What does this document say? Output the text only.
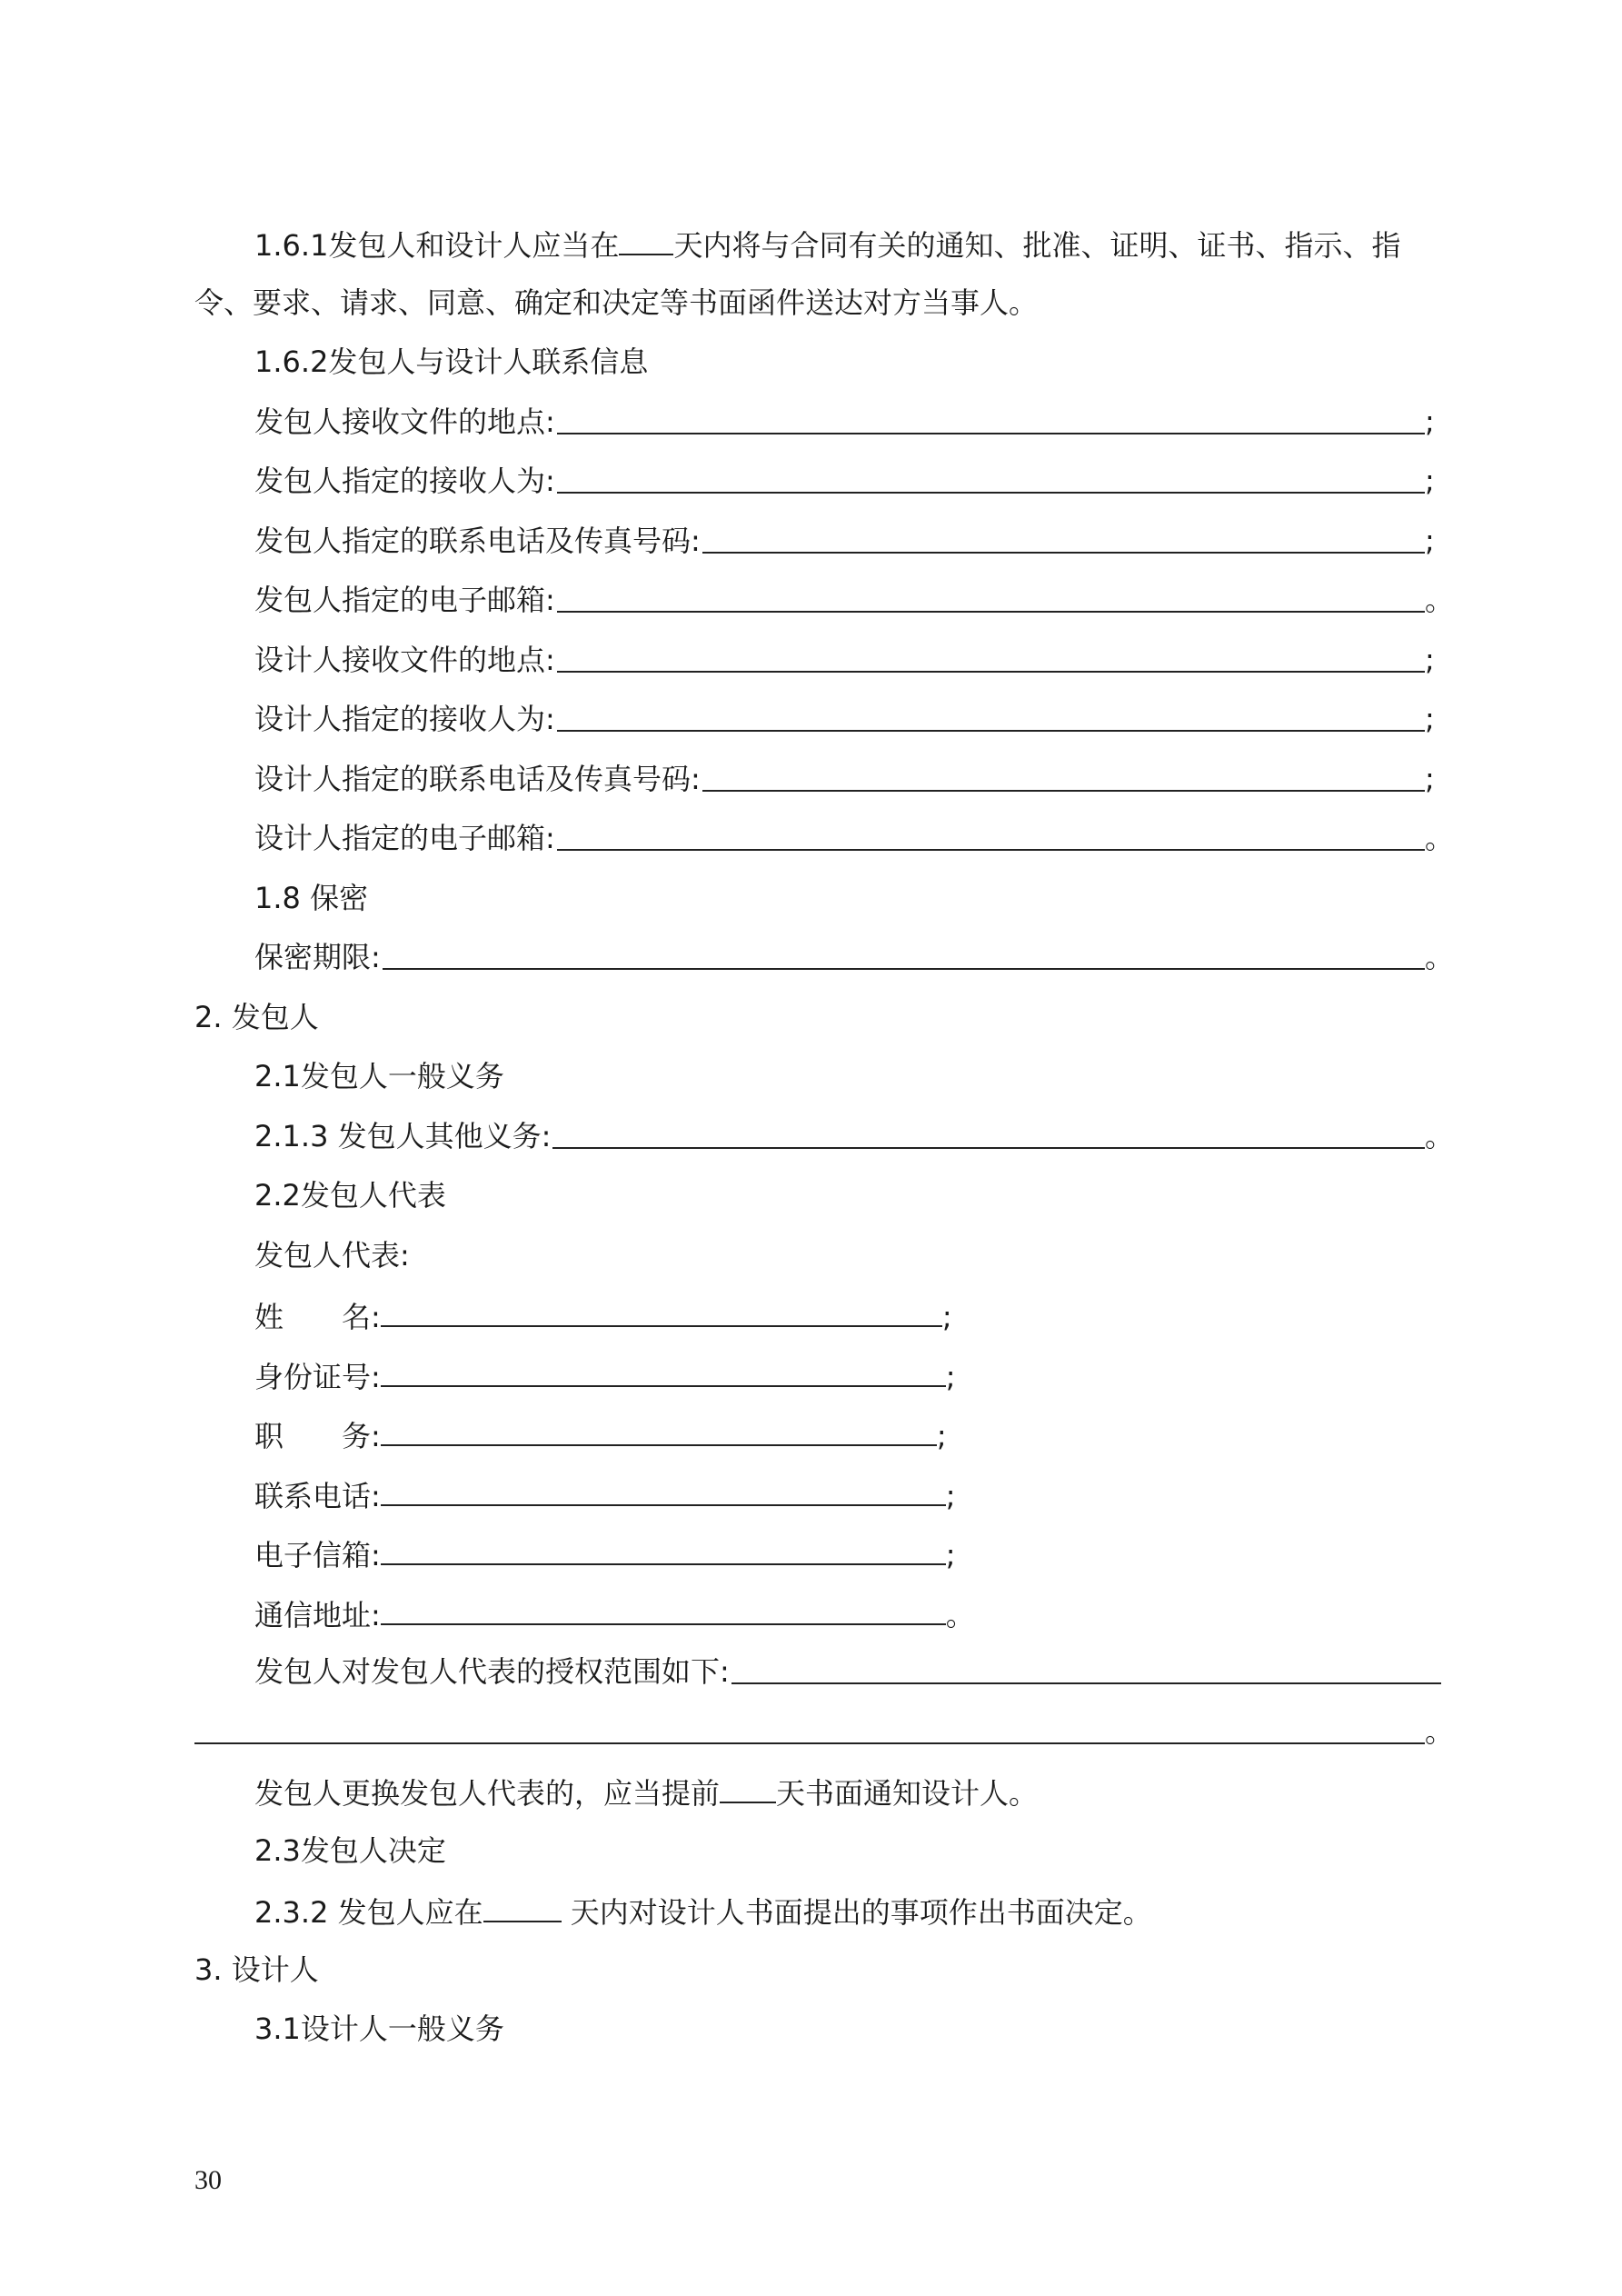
1.6.1发包人和设计人应当在 天内将与合同有关的通知、批准、证明、证书、指示、指
令、要求、请求、同意、确定和决定等书面函件送达对方当事人。
1.6.2发包人与设计人联系信息
发包人接收文件的地点:	;
发包人指定的接收人为:	;
发包人指定的联系电话及传真号码:	;
发包人指定的电子邮箱:	。
设计人接收文件的地点:	;
设计人指定的接收人为:	;
设计人指定的联系电话及传真号码:	;
设计人指定的电子邮箱:	。
1.8 保密
保密期限:	。
2. 发包人
2.1发包人一般义务
2.1.3 发包人其他义务:	。
2.2发包人代表
发包人代表:
姓 名:	;
身份证号:	;
职 务:	;
联系电话:	;
电子信箱:	;
通信地址:	。
发包人对发包人代表的授权范围如下:
。
发包人更换发包人代表的，应当提前 天书面通知设计人。
2.3发包人决定
2.3.2 发包人应在	天内对设计人书面提出的事项作出书面决定。
3. 设计人
3.1设计人一般义务
30
